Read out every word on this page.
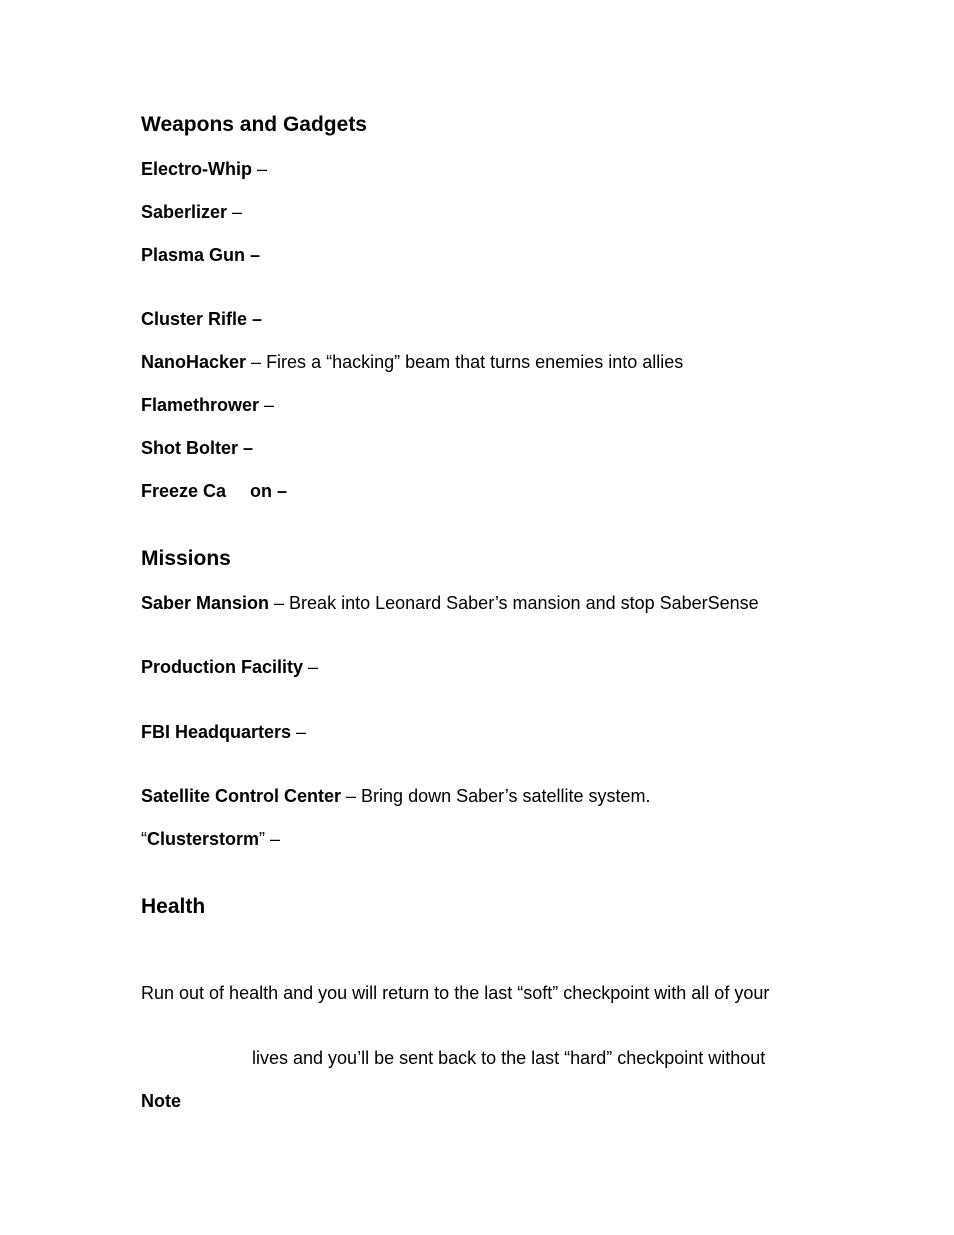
Weapons and Gadgets
Electro-Whip –
Saberlizer –
Plasma Gun –
Cluster Rifle –
NanoHacker – Fires a “hacking” beam that turns enemies into allies
Flamethrower –
Shot Bolter –
Freeze Ca on –
Missions
Saber Mansion – Break into Leonard Saber’s mansion and stop SaberSense
Production Facility –
FBI Headquarters –
Satellite Control Center – Bring down Saber’s satellite system.
“Clusterstorm” –
Health
Run out of health and you will return to the last “soft” checkpoint with all of your
lives and you’ll be sent back to the last “hard” checkpoint without
Note
